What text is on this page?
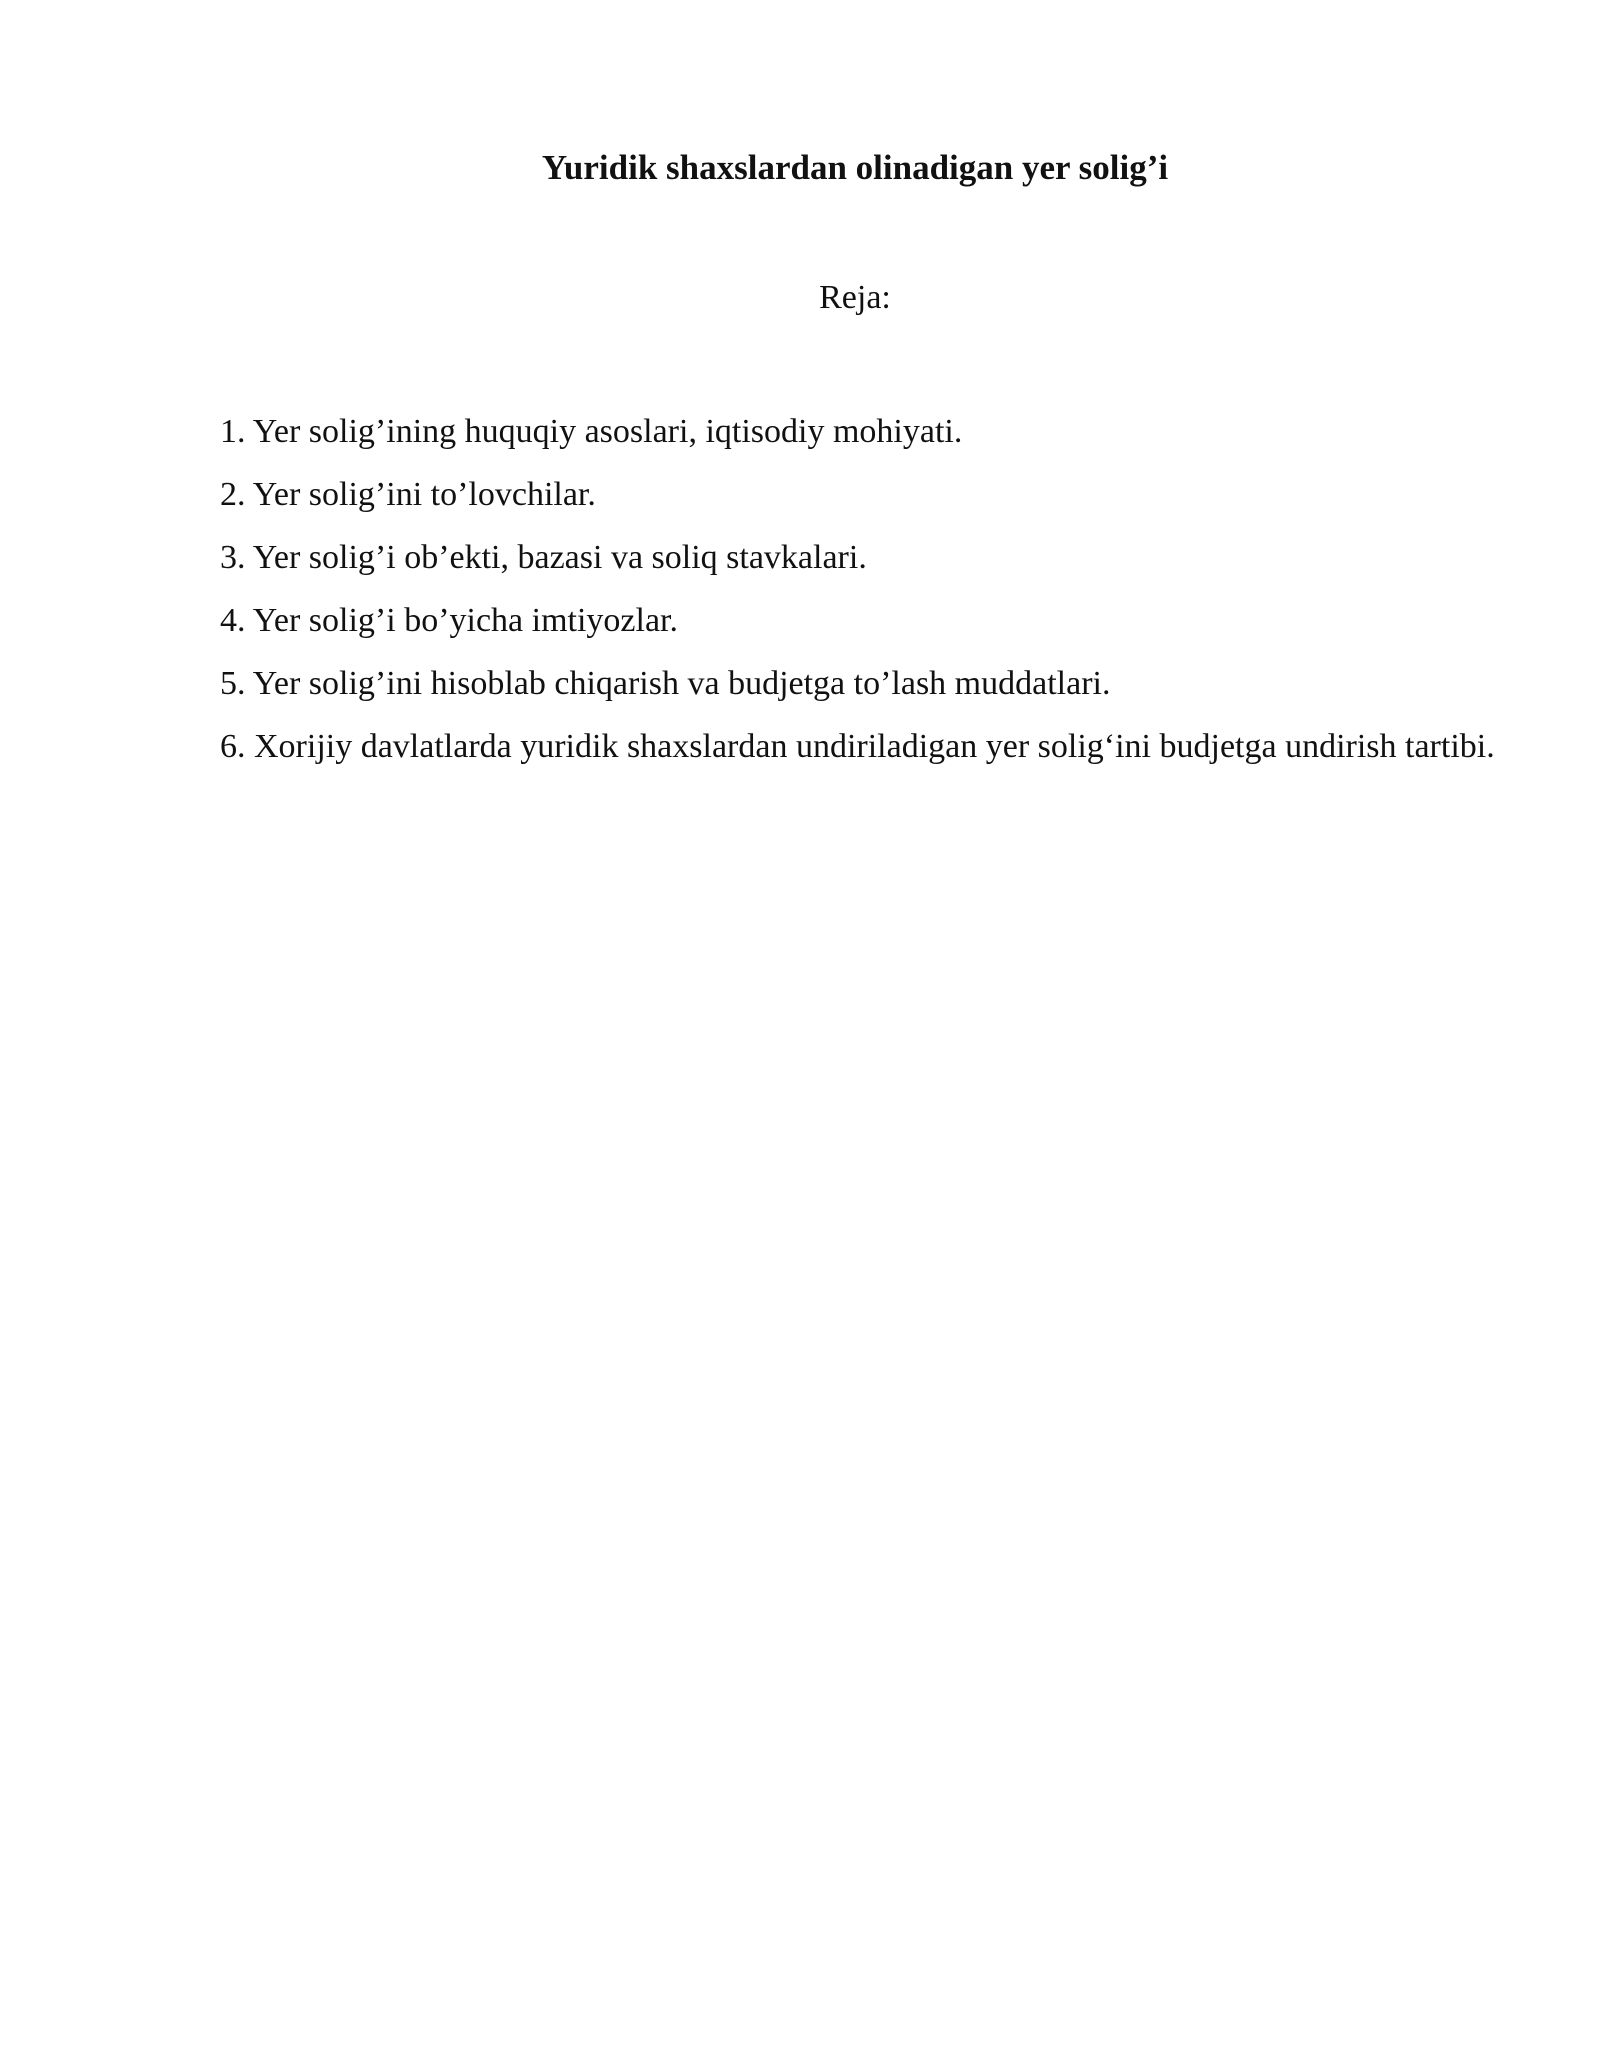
Yuridik shaxslardan olinadigan yer solig’i

Reja:

1. Yer solig’ining huquqiy asoslari, iqtisodiy mohiyati.
2. Yer solig’ini to’lovchilar.
3. Yer solig’i ob’ekti, bazasi va soliq stavkalari.
4. Yer solig’i bo’yicha imtiyozlar.
5. Yer solig’ini hisoblab chiqarish va budjetga to’lash muddatlari.
6. Xorijiy davlatlarda yuridik shaxslardan undiriladigan yer solig‘ini budjetga undirish tartibi.
